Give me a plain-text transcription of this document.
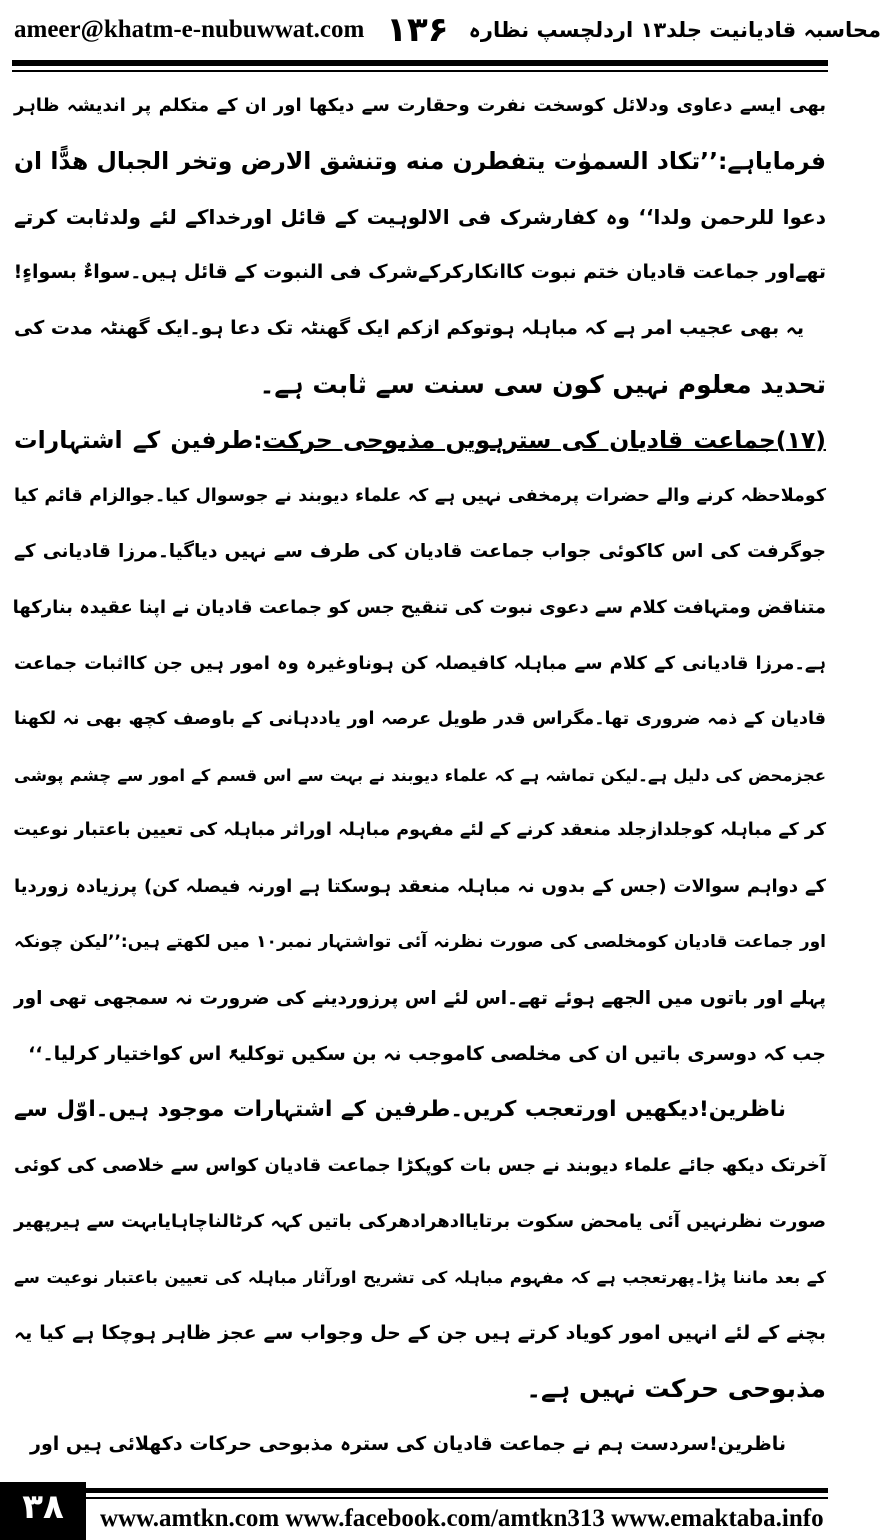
ameer@khatm-e-nubuwwat.com ۱۳۶ محاسبہ قادیانیت جلد۱۳ اردلچسپ نظارہ
بھی ایسے دعاوی ودلائل کوسخت نفرت وحقارت سے دیکھا اور ان کے متکلم پر اندیشہ ظاہر
فرمایاہے:’’تکاد السموٰت یتفطرن منه وتنشق الارض وتخر الجبال هدًّا ان
دعوا للرحمن ولدا‘‘ وہ کفارشرک فی الالوہیت کے قائل اورخداکے لئے ولدثابت کرتے
تھےاور جماعت قادیان ختم نبوت کاانکارکرکےشرک فی النبوت کے قائل ہیں۔سواءٌ بسواءٍ!
یہ بھی عجیب امر ہے کہ مباہلہ ہوتوکم ازکم ایک گھنٹہ تک دعا ہو۔ایک گھنٹہ مدت کی
تحدید معلوم نہیں کون سی سنت سے ثابت ہے۔
(۱۷)جماعت قادیان کی سترہویں مذبوحی حرکت:طرفین کے اشتہارات
کوملاحظہ کرنے والے حضرات پرمخفی نہیں ہے کہ علماء دیوبند نے جوسوال کیا۔جوالزام قائم کیا
جوگرفت کی اس کاکوئی جواب جماعت قادیان کی طرف سے نہیں دیاگیا۔مرزا قادیانی کے
متناقض ومتہافت کلام سے دعوی نبوت کی تنقیح جس کو جماعت قادیان نے اپنا عقیدہ بنارکھا
ہے۔مرزا قادیانی کے کلام سے مباہلہ کافیصلہ کن ہوناوغیرہ وہ امور ہیں جن کااثبات جماعت
قادیان کے ذمہ ضروری تھا۔مگراس قدر طویل عرصہ اور یاددہانی کے باوصف کچھ بھی نہ لکھنا
عجزمحض کی دلیل ہے۔لیکن تماشہ ہے کہ علماء دیوبند نے بہت سے اس قسم کے امور سے چشم پوشی
کر کے مباہلہ کوجلدازجلد منعقد کرنے کے لئے مفہوم مباہلہ اوراثر مباہلہ کی تعیین باعتبار نوعیت
کے دواہم سوالات (جس کے بدوں نہ مباہلہ منعقد ہوسکتا ہے اورنہ فیصلہ کن) پرزیادہ زوردیا
اور جماعت قادیان کومخلصی کی صورت نظرنہ آئی تواشتہار نمبر۱۰ میں لکھتے ہیں:’’لیکن چونکہ
پہلے اور باتوں میں الجھے ہوئے تھے۔اس لئے اس پرزوردینے کی ضرورت نہ سمجھی تھی اور
جب کہ دوسری باتیں ان کی مخلصی کاموجب نہ بن سکیں توکلیۃً اس کواختیار کرلیا۔‘‘
ناظرین!دیکھیں اورتعجب کریں۔طرفین کے اشتہارات موجود ہیں۔اوّل سے
آخرتک دیکھ جائے علماء دیوبند نے جس بات کوپکڑا جماعت قادیان کواس سے خلاصی کی کوئی
صورت نظرنہیں آئی یامحض سکوت برتایاادھرادھرکی باتیں کہہ کرٹالناچاہایابہت سے ہیرپھیر
کے بعد ماننا پڑا۔پھرتعجب ہے کہ مفہوم مباہلہ کی تشریح اورآثار مباہلہ کی تعیین باعتبار نوعیت سے
بچنے کے لئے انہیں امور کویاد کرتے ہیں جن کے حل وجواب سے عجز ظاہر ہوچکا ہے کیا یہ
مذبوحی حرکت نہیں ہے۔
ناظرین!سردست ہم نے جماعت قادیان کی سترہ مذبوحی حرکات دکھلائی ہیں اور
۳۸	www.amtkn.com www.facebook.com/amtkn313 www.emaktaba.info
